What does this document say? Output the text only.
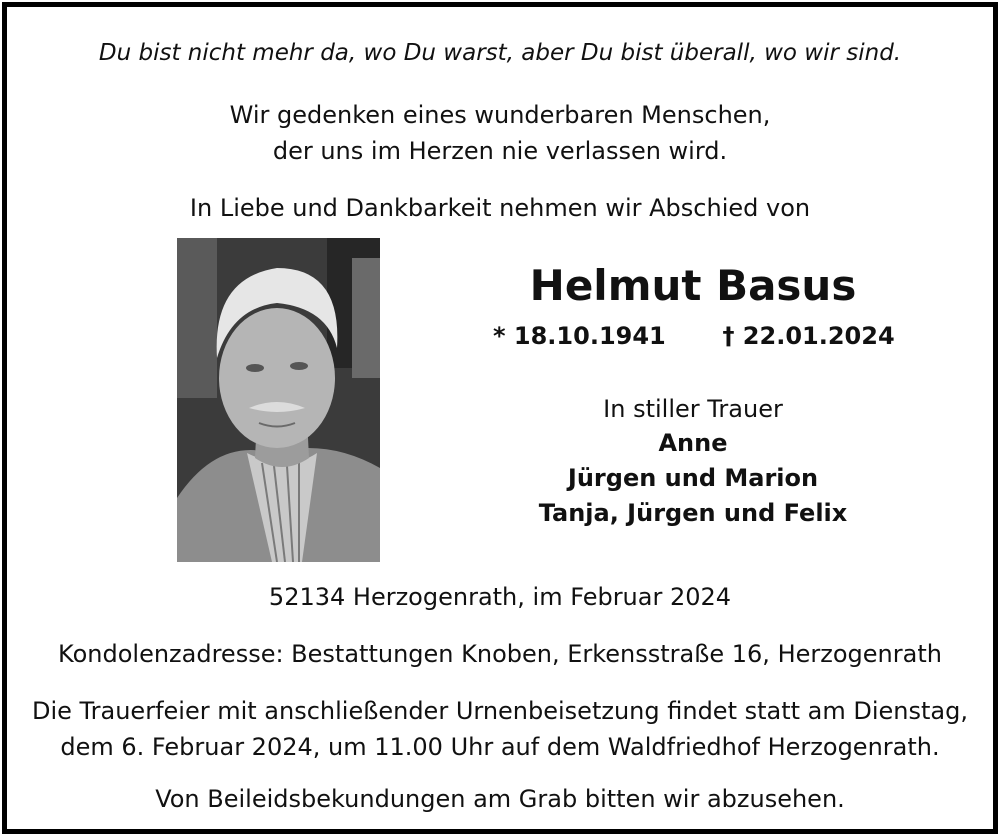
Du bist nicht mehr da, wo Du warst, aber Du bist überall, wo wir sind.
Wir gedenken eines wunderbaren Menschen,
der uns im Herzen nie verlassen wird.
In Liebe und Dankbarkeit nehmen wir Abschied von
Helmut Basus
* 18.10.1941 † 22.01.2024
In stiller Trauer
Anne
Jürgen und Marion
Tanja, Jürgen und Felix
52134 Herzogenrath, im Februar 2024
Kondolenzadresse: Bestattungen Knoben, Erkensstraße 16, Herzogenrath
Die Trauerfeier mit anschließender Urnenbeisetzung findet statt am Dienstag,
dem 6. Februar 2024, um 11.00 Uhr auf dem Waldfriedhof Herzogenrath.
Von Beileidsbekundungen am Grab bitten wir abzusehen.
